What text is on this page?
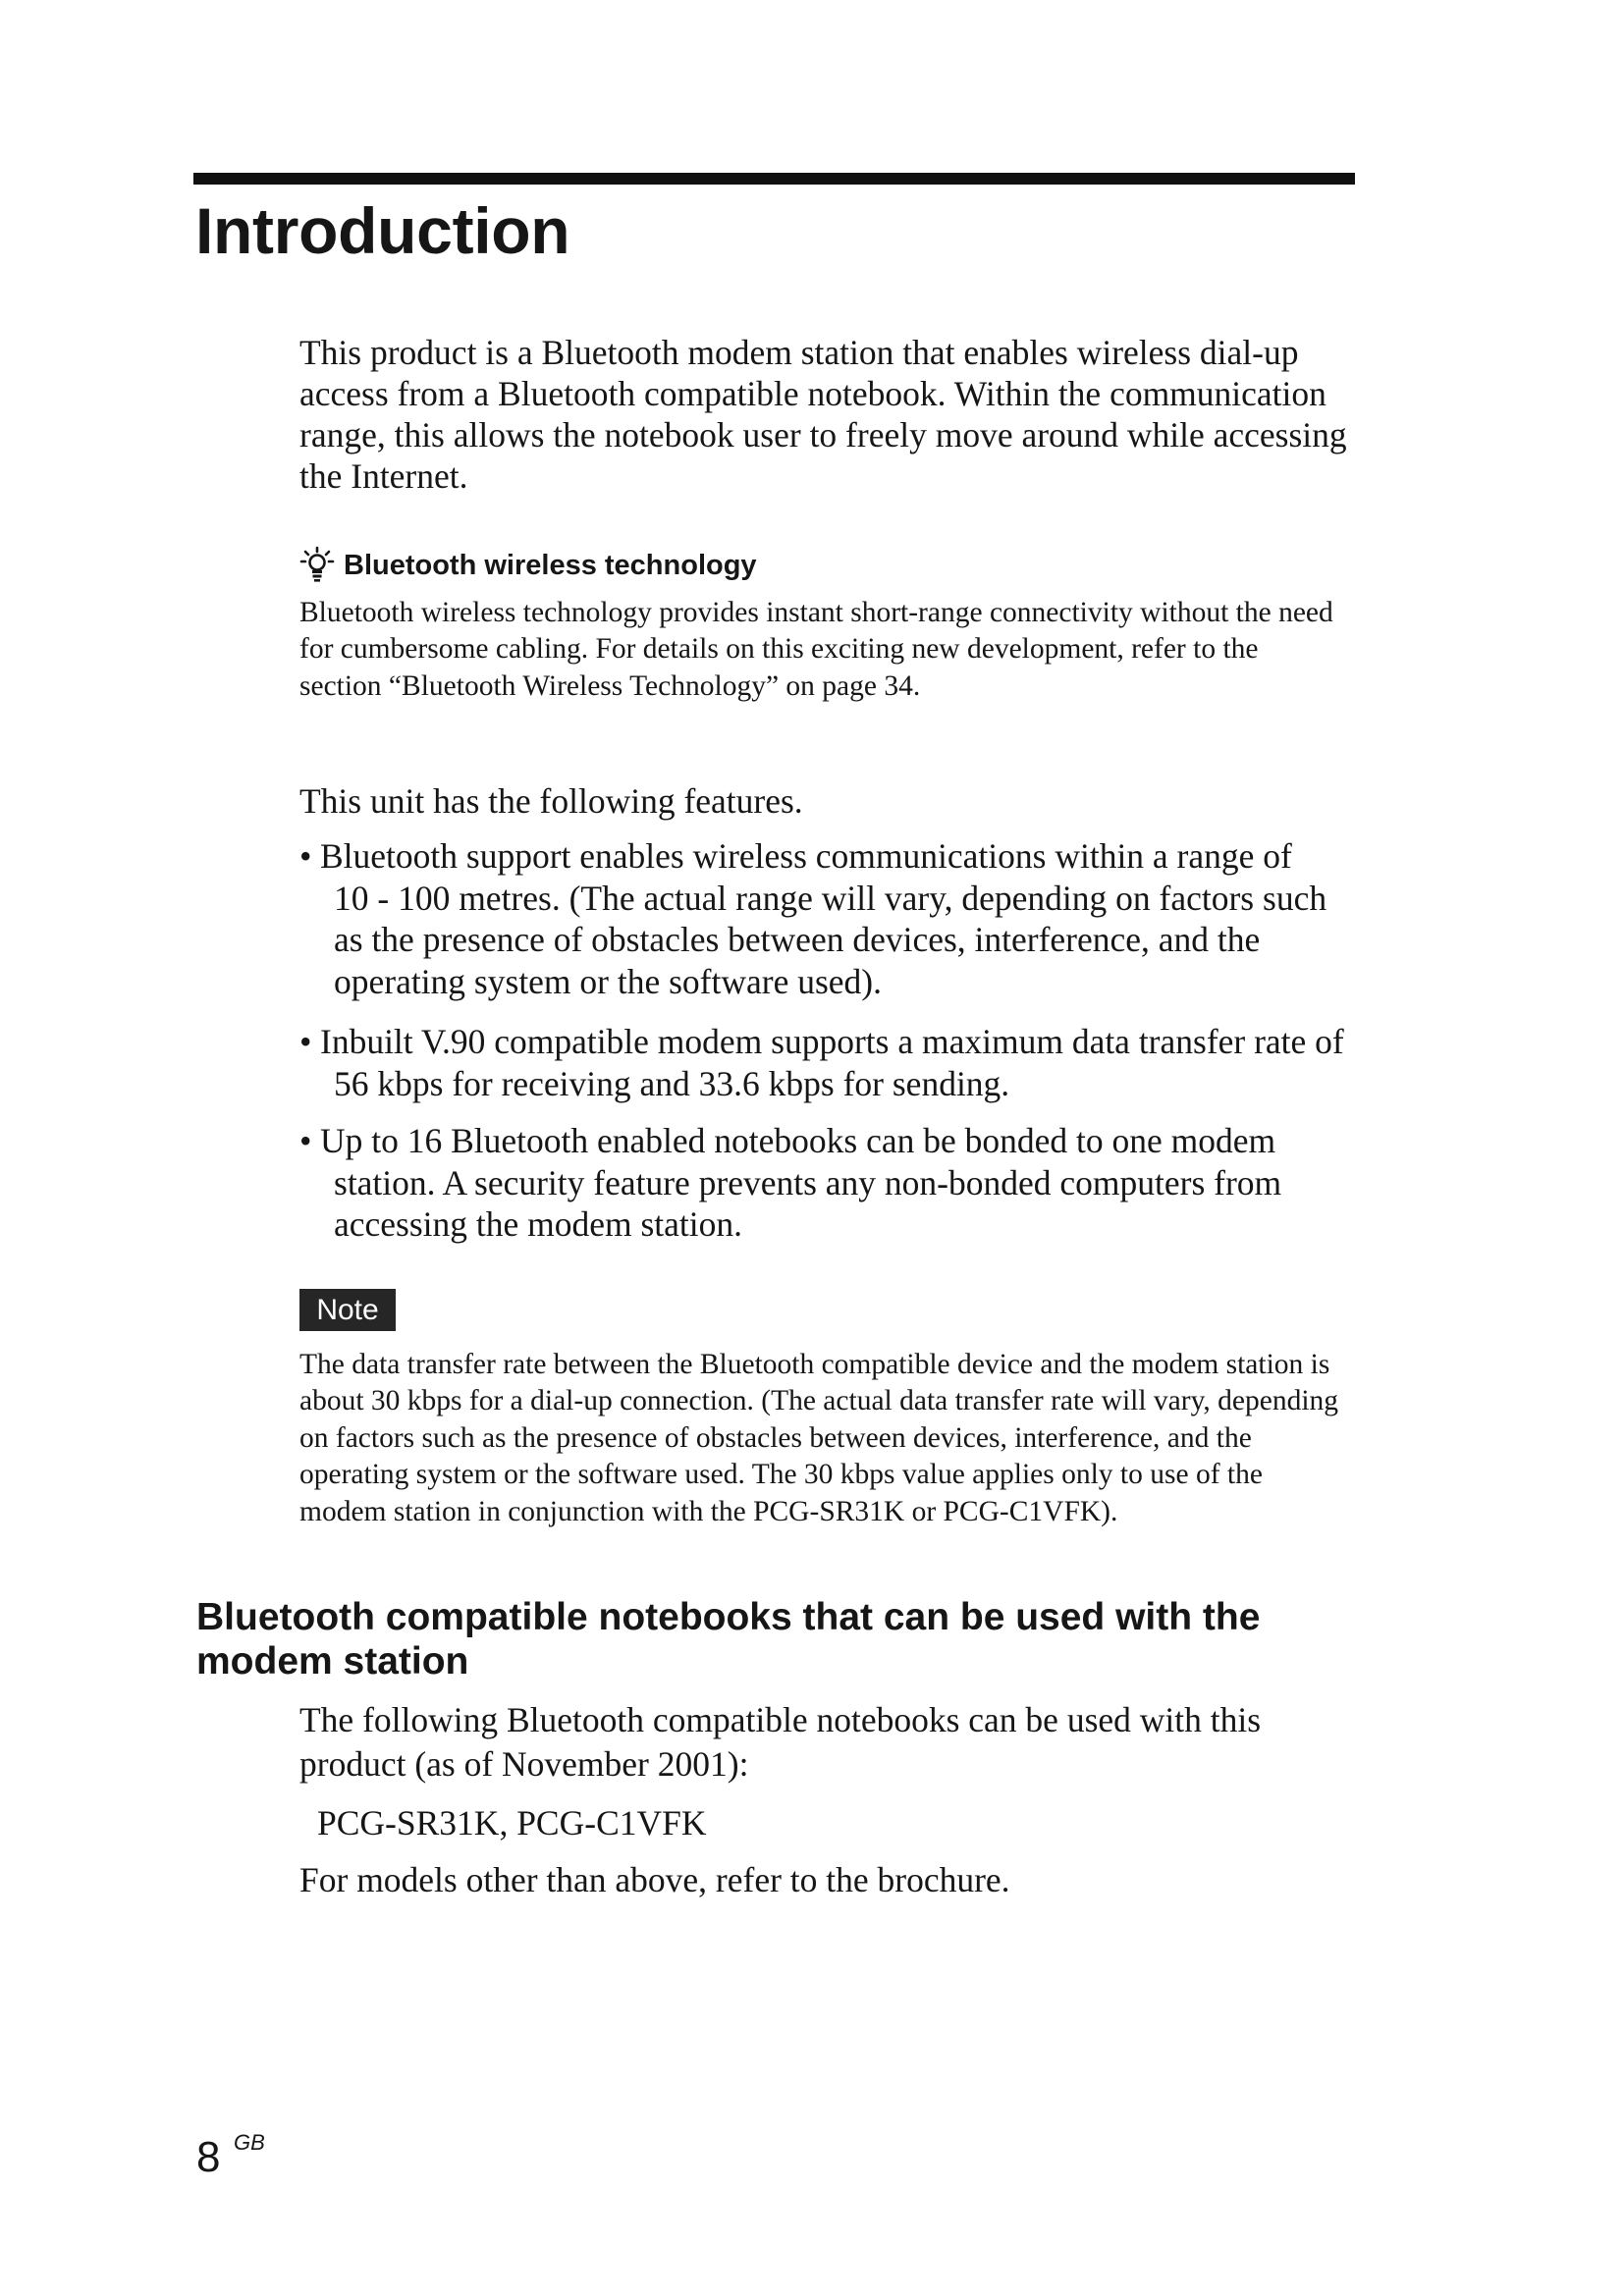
Introduction
This product is a Bluetooth modem station that enables wireless dial-up
access from a Bluetooth compatible notebook. Within the communication
range, this allows the notebook user to freely move around while accessing
the Internet.
Bluetooth wireless technology
Bluetooth wireless technology provides instant short-range connectivity without the need
for cumbersome cabling. For details on this exciting new development, refer to the
section “Bluetooth Wireless Technology” on page 34.
This unit has the following features.
• Bluetooth support enables wireless communications within a range of
10 - 100 metres. (The actual range will vary, depending on factors such
as the presence of obstacles between devices, interference, and the
operating system or the software used).
• Inbuilt V.90 compatible modem supports a maximum data transfer rate of
56 kbps for receiving and 33.6 kbps for sending.
• Up to 16 Bluetooth enabled notebooks can be bonded to one modem
station. A security feature prevents any non-bonded computers from
accessing the modem station.
Note
The data transfer rate between the Bluetooth compatible device and the modem station is
about 30 kbps for a dial-up connection. (The actual data transfer rate will vary, depending
on factors such as the presence of obstacles between devices, interference, and the
operating system or the software used. The 30 kbps value applies only to use of the
modem station in conjunction with the PCG-SR31K or PCG-C1VFK).
Bluetooth compatible notebooks that can be used with the
modem station
The following Bluetooth compatible notebooks can be used with this
product (as of November 2001):
PCG-SR31K, PCG-C1VFK
For models other than above, refer to the brochure.
8 GB
